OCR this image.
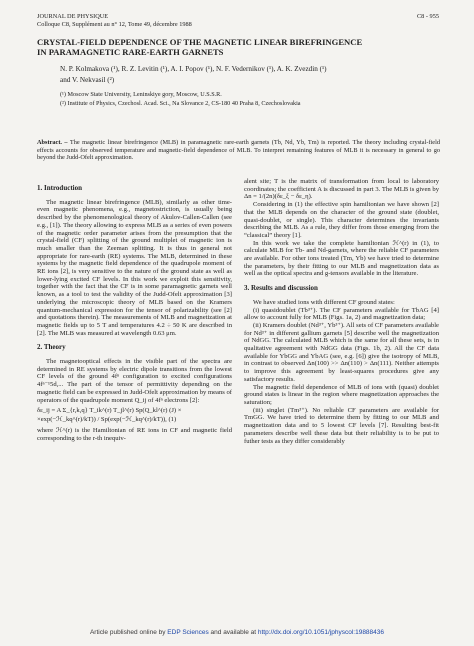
JOURNAL DE PHYSIQUE
Colloque C8, Supplément au n° 12, Tome 49, décembre 1988
C8 - 955
CRYSTAL-FIELD DEPENDENCE OF THE MAGNETIC LINEAR BIREFRINGENCE
IN PARAMAGNETIC RARE-EARTH GARNETS
N. P. Kolmakova (¹), R. Z. Levitin (¹), A. I. Popov (¹), N. F. Vedernikov (¹), A. K. Zvezdin (¹)
and V. Nekvasil (²)
(¹) Moscow State University, Leninskiye gory, Moscow, U.S.S.R.
(²) Institute of Physics, Czechosl. Acad. Sci., Na Slovance 2, CS-180 40 Praha 8, Czechoslovakia
Abstract. – The magnetic linear birefringence (MLB) in paramagnetic rare-earth garnets (Tb, Nd, Yb, Tm) is reported. The theory including crystal-field effects accounts for observed temperature and magnetic-field dependence of MLB. To interpret remaining features of MLB it is necessary in general to go beyond the Judd-Ofelt approximation.
1. Introduction

The magnetic linear birefringence (MLB), similarly as other time-even magnetic phenomena, e.g., magnetostriction, is usually being described by the phenomenological theory of Akulov-Callen-Callen (see e.g., [1]). The theory allowing to express MLB as a series of even powers of the magnetic order parameter arises from the presumption that the crystal-field (CF) splitting of the ground multiplet of magnetic ion is much smaller than the Zeeman splitting. It is thus in general not appropriate for rare-earth (RE) systems. The MLB, determined in these systems by the magnetic field dependence of the quadrupole moment of RE ions [2], is very sensitive to the nature of the ground state as well as lower-lying excited CF levels. In this work we exploit this sensitivity, together with the fact that the CF is in some paramagnetic garnets well known, as a tool to test the validity of the Judd-Ofelt approximation [3] underlying the microscopic theory of MLB based on the Kramers quantum-mechanical expression for the tensor of polarizability (see [2] and quotations therein). The measurements of MLB and magnetization at magnetic fields up to 5 T and temperatures 4.2 ÷ 50 K are described in [2]. The MLB was measured at wavelength 0.63 μm.

2. Theory

The magnetooptical effects in the visible part of the spectra are determined in RE systems by electric dipole transitions from the lowest CF levels of the ground 4fⁿ configuration to excited configurations 4fⁿ⁻¹5d,... The part of the tensor of permittivity depending on the magnetic field can be expressed in Judd-Ofelt approximation by means of operators of the quadrupole moment Q_ij of 4fⁿ electrons [2]:

δε_ij = A Σ_{r,k,q} T_ik^(r) T_jl^(r) Sp(Q_kl^(r) (J) ×
×exp(−ℋ_kq^(r)/kT)) / Sp(exp(−ℋ_kq^(r)/kT)), (1)

where ℋ^(r) is the Hamiltonian of RE ions in CF and magnetic field corresponding to the r-th inequiv-

alent site; T is the matrix of transformation from local to laboratory coordinates; the coefficient A is discussed in part 3. The MLB is given by Δn = 1/(2n)(δε_ξ − δε_η).

Considering in (1) the effective spin hamiltonian we have shown [2] that the MLB depends on the character of the ground state (doublet, quasi-doublet, or single). This character determines the invariants describing the MLB. As a rule, they differ from those emerging from the “classical” theory [1].

In this work we take the complete hamiltonian ℋ^(r) in (1), to calculate MLB for Tb- and Nd-garnets, where the reliable CF parameters are available. For other ions treated (Tm, Yb) we have tried to determine the parameters, by their fitting to our MLB and magnetization data as well as the optical spectra and g-tensors available in the literature.

3. Results and discussion

We have studied ions with different CF ground states:

(i) quasidoublet (Tb³⁺). The CF parameters available for TbAG [4] allow to account fully for MLB (Figs. 1a, 2) and magnetization data;

(ii) Kramers doublet (Nd³⁺, Yb³⁺). All sets of CF parameters available for Nd³⁺ in different gallium garnets [5] describe well the magnetization of NdGG. The calculated MLB which is the same for all these sets, is in qualitative agreement with NdGG data (Figs. 1b, 2). All the CF data available for YbGG and YbAG (see, e.g. [6]) give the isotropy of MLB, in contrast to observed Δn(100) >> Δn(110) > Δn(111). Neither attempts to improve this agreement by least-squares procedures give any satisfactory results.

The magnetic field dependence of MLB of ions with (quasi) doublet ground states is linear in the region where magnetization approaches the saturation;

(iii) singlet (Tm³⁺). No reliable CF parameters are available for TmGG. We have tried to determine them by fitting to our MLB and magnetization data and to 5 lowest CF levels [7]. Resulting best-fit parameters describe well these data but their reliability is to be put to futher tests as they differ considerably

Article published online by EDP Sciences and available at http://dx.doi.org/10.1051/jphyscol:19888436
